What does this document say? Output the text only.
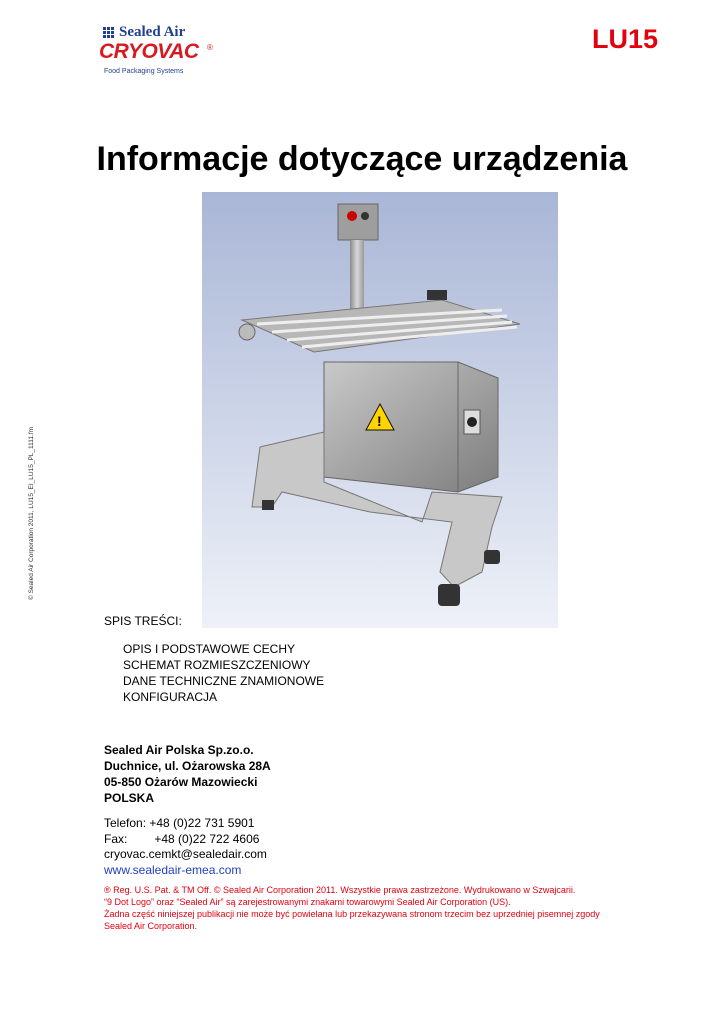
Sealed Air
CRYOVAC ®
Food Packaging Systems
LU15
Informacje dotyczące urządzenia
!
© Sealed Air Corporation 2011, LU15_EI_LU15_PL_1111.fm
SPIS TREŚCI:
OPIS I PODSTAWOWE CECHY
SCHEMAT ROZMIESZCZENIOWY
DANE TECHNICZNE ZNAMIONOWE
KONFIGURACJA
Sealed Air Polska Sp.zo.o.
Duchnice, ul. Ożarowska 28A
05-850 Ożarów Mazowiecki
POLSKA
Telefon: +48 (0)22 731 5901
Fax: +48 (0)22 722 4606
cryovac.cemkt@sealedair.com
www.sealedair-emea.com
® Reg. U.S. Pat. & TM Off. © Sealed Air Corporation 2011. Wszystkie prawa zastrzeżone. Wydrukowano w Szwajcarii.
“9 Dot Logo” oraz “Sealed Air” są zarejestrowanymi znakami towarowymi Sealed Air Corporation (US).
Żadna część niniejszej publikacji nie może być powielana lub przekazywana stronom trzecim bez uprzedniej pisemnej zgody
Sealed Air Corporation.
